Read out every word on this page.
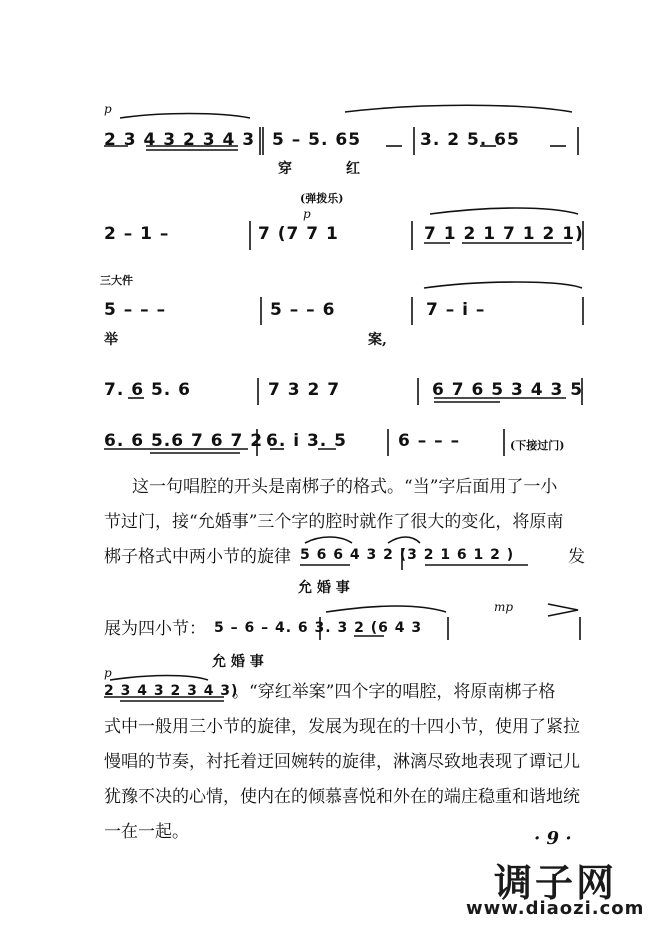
p
2 3 4 3 2 3 4 3 5 – 5. 65	3. 2 5. 65
穿	红
(弹拨乐)
p
2 – 1 –	7 (7 7 1	7 1 2 1 7 1 2 1)
三大件
5 – – –	5 – – 6	7 – i –
举	案,
7. 6 5. 6	7 3 2 7	6 7 6 5 3 4 3 5
6. 6 5.6 7 6 7 2 6. i 3. 5	6 – – –	(下接过门)
这一句唱腔的开头是南梆子的格式。“当”字后面用了一小
节过门，接“允婚事”三个字的腔时就作了很大的变化，将原南
梆子格式中两小节的旋律 5 6 6 4 3 2 (3 2 1 6 1 2 )	发
允 婚 事
展为四小节： 5 – 6 – 4. 6 3. 3 2 (6 4 3
mp
允 婚 事
p
2 3 4 3 2 3 4 3)
。“穿红举案”四个字的唱腔，将原南梆子格
式中一般用三小节的旋律，发展为现在的十四小节，使用了紧拉
慢唱的节奏，衬托着迂回婉转的旋律，淋漓尽致地表现了谭记儿
犹豫不决的心情，使内在的倾慕喜悦和外在的端庄稳重和谐地统
一在一起。	· 9 ·
调子网
www.diaozi.com
